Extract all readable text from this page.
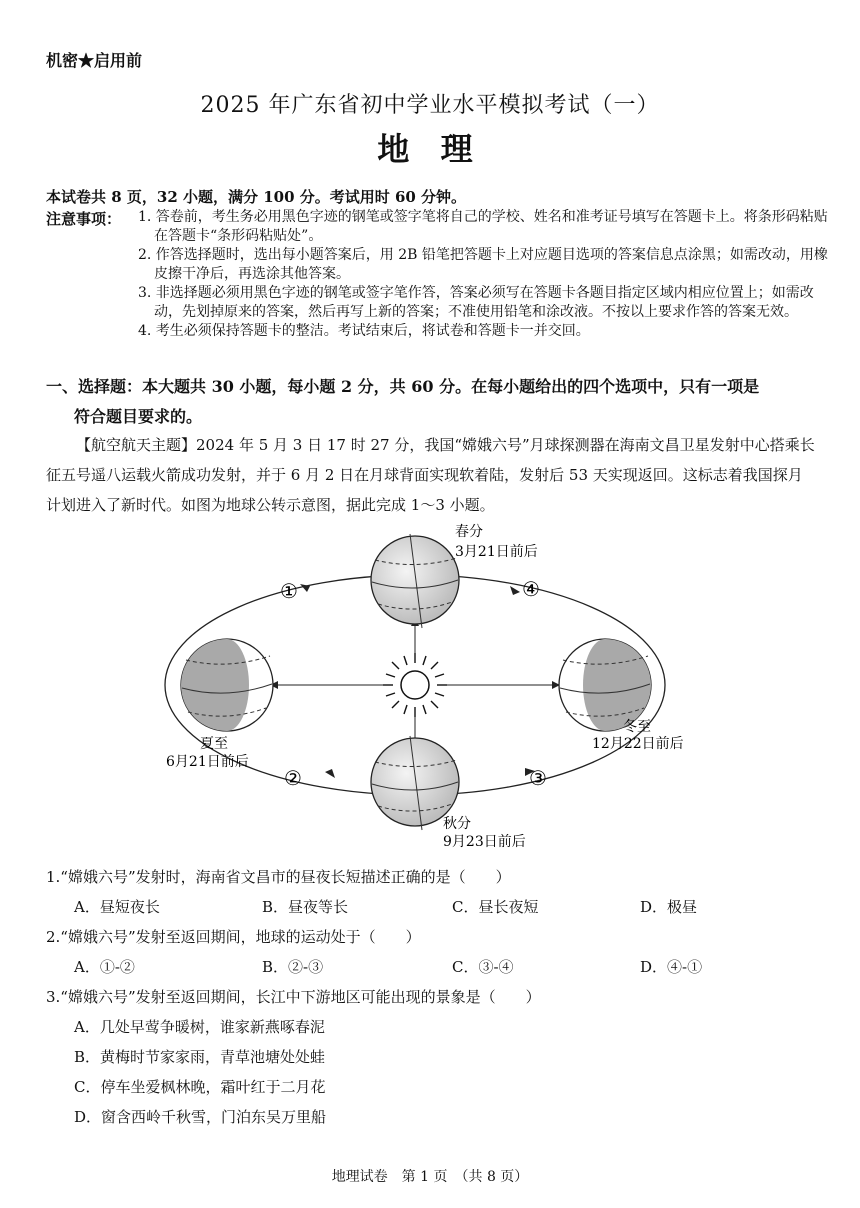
机密★启用前
2025 年广东省初中学业水平模拟考试（一）
地 理
本试卷共 8 页，32 小题，满分 100 分。考试用时 60 分钟。
注意事项： 1. 答卷前，考生务必用黑色字迹的钢笔或签字笔将自己的学校、姓名和准考证号填写在答题卡上。将条形码粘贴在答题卡“条形码粘贴处”。

2. 作答选择题时，选出每小题答案后，用 2B 铅笔把答题卡上对应题目选项的答案信息点涂黑；如需改动，用橡皮擦干净后，再选涂其他答案。

3. 非选择题必须用黑色字迹的钢笔或签字笔作答，答案必须写在答题卡各题目指定区域内相应位置上；如需改动，先划掉原来的答案，然后再写上新的答案；不准使用铅笔和涂改液。不按以上要求作答的答案无效。

4. 考生必须保持答题卡的整洁。考试结束后，将试卷和答题卡一并交回。

一、选择题：本大题共 30 小题，每小题 2 分，共 60 分。在每小题给出的四个选项中，只有一项是
符合题目要求的。
【航空航天主题】2024 年 5 月 3 日 17 时 27 分，我国“嫦娥六号”月球探测器在海南文昌卫星发射中心搭乘长征五号遥八运载火箭成功发射，并于 6 月 2 日在月球背面实现软着陆，发射后 53 天实现返回。这标志着我国探月计划进入了新时代。如图为地球公转示意图，据此完成 1～3 小题。
春分
3月21日前后
夏至
6月21日前后
秋分
9月23日前后
冬至
12月22日前后
①
②	③
④
1.“嫦娥六号”发射时，海南省文昌市的昼夜长短描述正确的是（　　）
A．昼短夜长	B．昼夜等长	C．昼长夜短	D．极昼
2.“嫦娥六号”发射至返回期间，地球的运动处于（　　）
A．①-②	B．②-③	C．③-④	D．④-①
3.“嫦娥六号”发射至返回期间，长江中下游地区可能出现的景象是（　　）
A．几处早莺争暖树，谁家新燕啄春泥
B．黄梅时节家家雨，青草池塘处处蛙
C．停车坐爱枫林晚，霜叶红于二月花
D．窗含西岭千秋雪，门泊东吴万里船
地理试卷　第 1 页　（共 8 页）
